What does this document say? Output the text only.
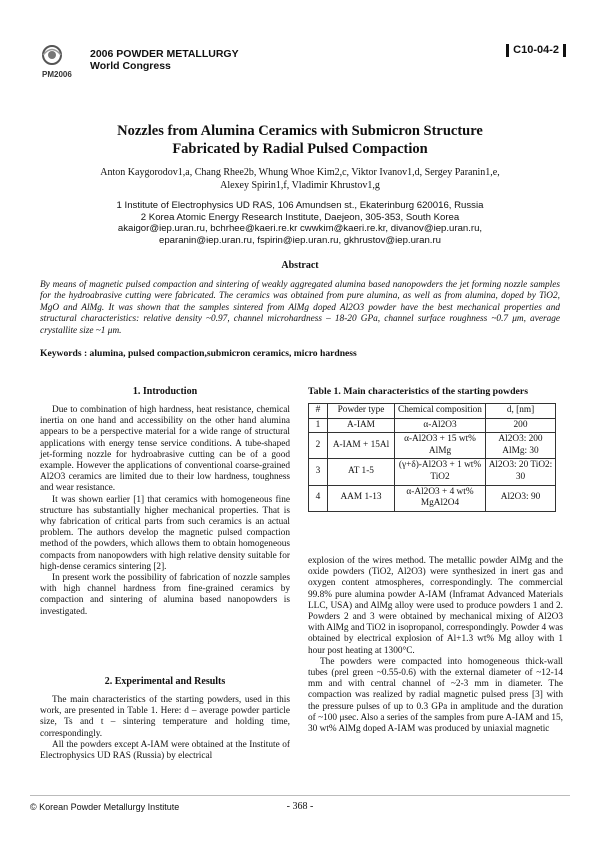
PM2006
2006 POWDER METALLURGY
World Congress
C10-04-2
Nozzles from Alumina Ceramics with Submicron Structure
Fabricated by Radial Pulsed Compaction
Anton Kaygorodov1,a, Chang Rhee2b, Whung Whoe Kim2,c, Viktor Ivanov1,d, Sergey Paranin1,e,
Alexey Spirin1,f, Vladimir Khrustov1,g
1 Institute of Electrophysics UD RAS, 106 Amundsen st., Ekaterinburg 620016, Russia
2 Korea Atomic Energy Research Institute, Daejeon, 305-353, South Korea
akaigor@iep.uran.ru, bchrhee@kaeri.re.kr cwwkim@kaeri.re.kr, divanov@iep.uran.ru,
eparanin@iep.uran.ru, fspirin@iep.uran.ru, gkhrustov@iep.uran.ru
Abstract
By means of magnetic pulsed compaction and sintering of weakly aggregated alumina based nanopowders the jet forming nozzle samples for the hydroabrasive cutting were fabricated. The ceramics was obtained from pure alumina, as well as from alumina, doped by TiO2, MgO and AlMg. It was shown that the samples sintered from AlMg doped Al2O3 powder have the best mechanical properties and structural characteristics: relative density ~0.97, channel microhardness – 18-20 GPa, channel surface roughness ~0.7 μm, average crystallite size ~1 μm.
Keywords : alumina, pulsed compaction,submicron ceramics, micro hardness
1. Introduction

Due to combination of high hardness, heat resistance, chemical inertia on one hand and accessibility on the other hand alumina appears to be a perspective material for a wide range of structural applications with energy tense service conditions. A tube-shaped jet-forming nozzle for hydroabrasive cutting can be of a good example. However the applications of conventional coarse-grained Al2O3 ceramics are limited due to their low hardness, toughness and wear resistance.

It was shown earlier [1] that ceramics with homogeneous fine structure has substantially higher mechanical properties. That is why fabrication of critical parts from such ceramics is an actual problem. The authors develop the magnetic pulsed compaction method of the powders, which allows them to obtain homogeneous compacts from nanopowders with high relative density suitable for high-dense ceramics sintering [2].

In present work the possibility of fabrication of nozzle samples with high channel hardness from fine-grained ceramics by compaction and sintering of alumina based nanopowders is investigated.

2. Experimental and Results

The main characteristics of the starting powders, used in this work, are presented in Table 1. Here: d – average powder particle size, Ts and t – sintering temperature and holding time, correspondingly.

All the powders except A-IAM were obtained at the Institute of Electrophysics UD RAS (Russia) by electrical

Table 1. Main characteristics of the starting powders
#	Powder type	Chemical composition	d, [nm]
1	A-IAM	α-Al2O3	200
2	A-IAM + 15Al	α-Al2O3 + 15 wt% AlMg	Al2O3: 200 AlMg: 30
3	AT 1-5	(γ+δ)-Al2O3 + 1 wt% TiO2	Al2O3: 20 TiO2: 30
4	AAM 1-13	α-Al2O3 + 4 wt% MgAl2O4	Al2O3: 90

explosion of the wires method. The metallic powder AlMg and the oxide powders (TiO2, Al2O3) were synthesized in inert gas and oxygen content atmospheres, correspondingly. The commercial 99.8% pure alumina powder A-IAM (Inframat Advanced Materials LLC, USA) and AlMg alloy were used to produce powders 1 and 2. Powders 2 and 3 were obtained by mechanical mixing of Al2O3 with AlMg and TiO2 in isopropanol, correspondingly. Powder 4 was obtained by electrical explosion of Al+1.3 wt% Mg alloy with 1 hour post heating at 1300°C.

The powders were compacted into homogeneous thick-wall tubes (ρrel green ~0.55-0.6) with the external diameter of ~12-14 mm and with central channel of ~2-3 mm in diameter. The compaction was realized by radial magnetic pulsed press [3] with the pressure pulses of up to 0.3 GPa in amplitude and the duration of ~100 μsec. Also a series of the samples from pure A-IAM and 15, 30 wt% AlMg doped A-IAM was produced by uniaxial magnetic

© Korean Powder Metallurgy Institute	- 368 -
